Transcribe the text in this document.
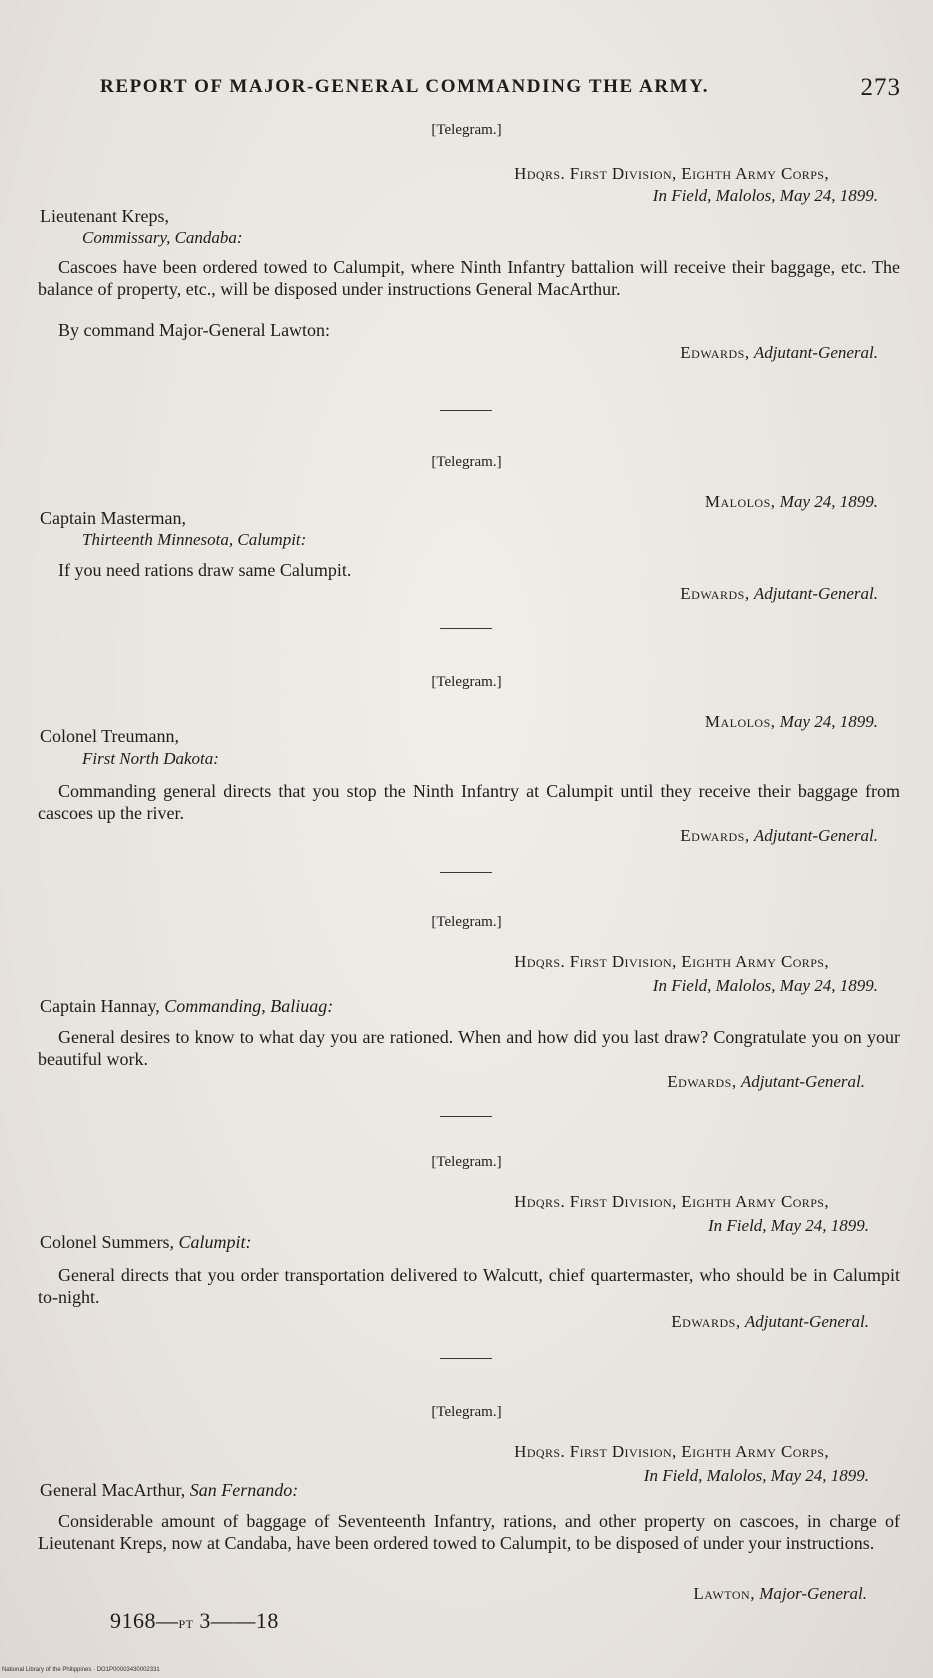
REPORT OF MAJOR-GENERAL COMMANDING THE ARMY.	273
[Telegram.]
Hdqrs. First Division, Eighth Army Corps,
In Field, Malolos, May 24, 1899.
Lieutenant Kreps,
Commissary, Candaba:
Cascoes have been ordered towed to Calumpit, where Ninth Infantry battalion will receive their baggage, etc. The balance of property, etc., will be disposed under instructions General MacArthur.
By command Major-General Lawton:
Edwards, Adjutant-General.
[Telegram.]
Malolos, May 24, 1899.
Captain Masterman,
Thirteenth Minnesota, Calumpit:
If you need rations draw same Calumpit.
Edwards, Adjutant-General.
[Telegram.]
Malolos, May 24, 1899.
Colonel Treumann,
First North Dakota:
Commanding general directs that you stop the Ninth Infantry at Calumpit until they receive their baggage from cascoes up the river.
Edwards, Adjutant-General.
[Telegram.]
Hdqrs. First Division, Eighth Army Corps,
In Field, Malolos, May 24, 1899.
Captain Hannay, Commanding, Baliuag:
General desires to know to what day you are rationed. When and how did you last draw? Congratulate you on your beautiful work.
Edwards, Adjutant-General.
[Telegram.]
Hdqrs. First Division, Eighth Army Corps,
In Field, May 24, 1899.
Colonel Summers, Calumpit:
General directs that you order transportation delivered to Walcutt, chief quartermaster, who should be in Calumpit to-night.
Edwards, Adjutant-General.
[Telegram.]
Hdqrs. First Division, Eighth Army Corps,
In Field, Malolos, May 24, 1899.
General MacArthur, San Fernando:
Considerable amount of baggage of Seventeenth Infantry, rations, and other property on cascoes, in charge of Lieutenant Kreps, now at Candaba, have been ordered towed to Calumpit, to be disposed of under your instructions.
Lawton, Major-General.
9168—pt 3——18
National Library of the Philippines · DO1P00003430002331
